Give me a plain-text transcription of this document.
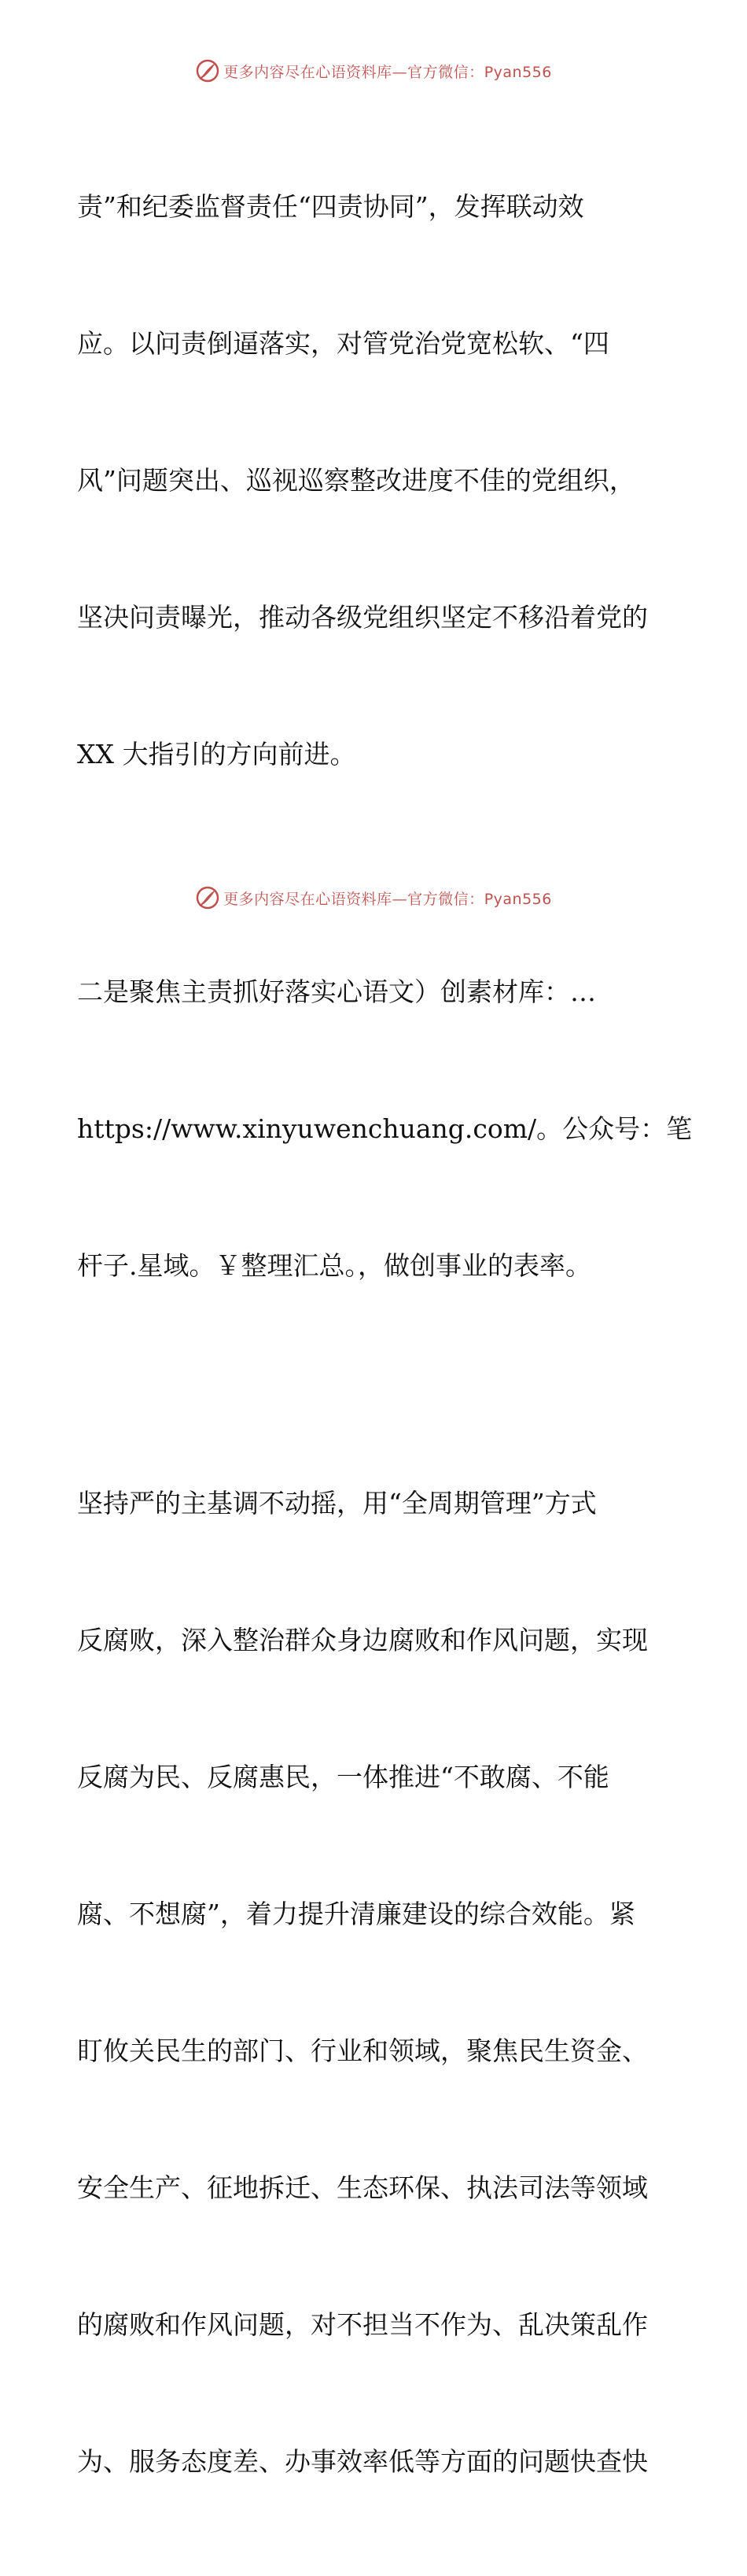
更多内容尽在心语资料库—官方微信：Pyan556

责”和纪委监督责任“四责协同”，发挥联动效

应。以问责倒逼落实，对管党治党宽松软、“四

风”问题突出、巡视巡察整改进度不佳的党组织，

坚决问责曝光，推动各级党组织坚定不移沿着党的

XX 大指引的方向前进。

二是聚焦主责抓好落实心语文）创素材库：…

https://www.xinyuwenchuang.com/。公众号：笔

杆子.星域。￥整理汇总。，做创事业的表率。

坚持严的主基调不动摇，用“全周期管理”方式

反腐败，深入整治群众身边腐败和作风问题，实现

反腐为民、反腐惠民，一体推进“不敢腐、不能

腐、不想腐”，着力提升清廉建设的综合效能。紧

盯攸关民生的部门、行业和领域，聚焦民生资金、

安全生产、征地拆迁、生态环保、执法司法等领域

的腐败和作风问题，对不担当不作为、乱决策乱作

为、服务态度差、办事效率低等方面的问题快查快

更多内容尽在心语资料库—官方微信：Pyan556
